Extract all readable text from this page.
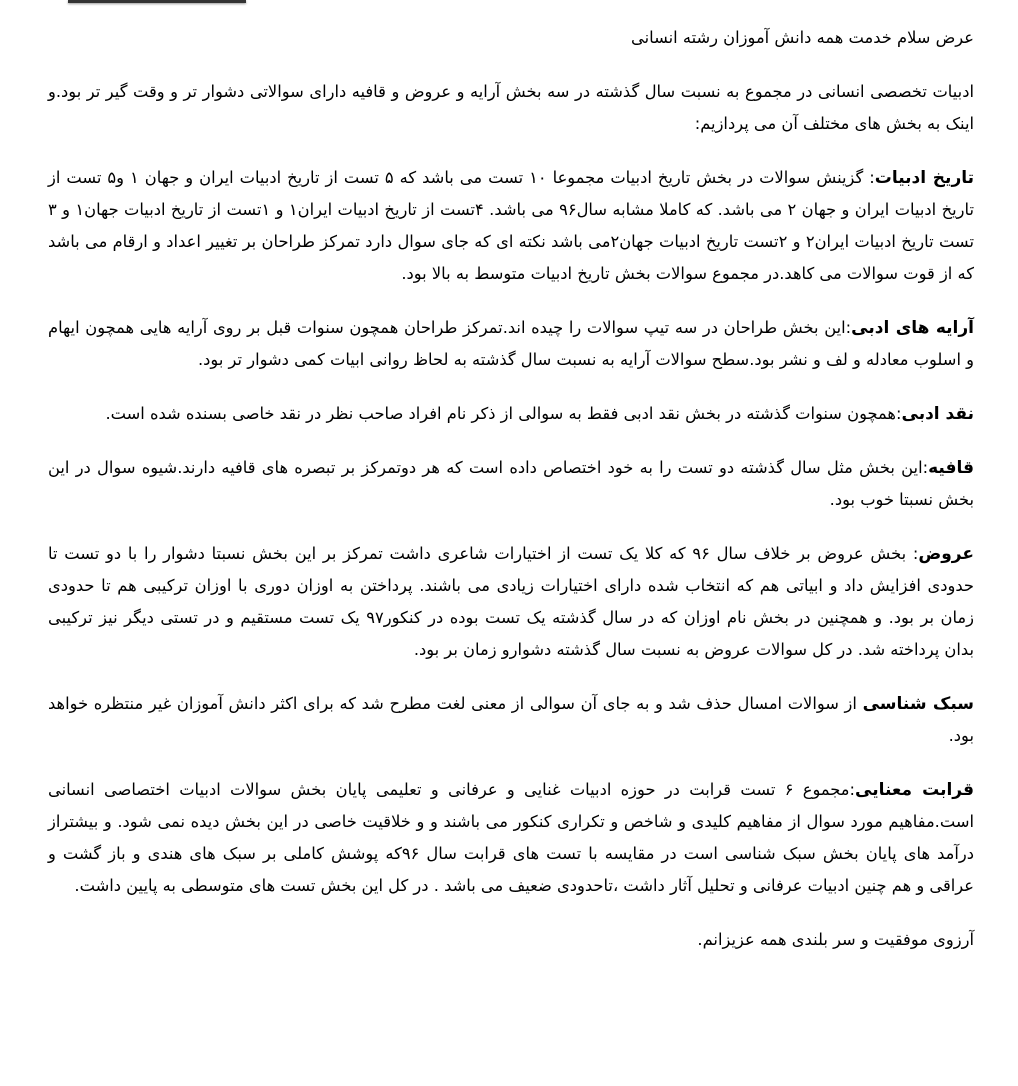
عرض سلام خدمت همه دانش آموزان رشته انسانی

ادبیات تخصصی انسانی در مجموع به نسبت سال گذشته در سه بخش آرایه و عروض و قافیه دارای سوالاتی دشوار تر و وقت گیر تر بود.و اینک به بخش های مختلف آن می پردازیم:

تاریخ ادبیات: گزینش سوالات در بخش تاریخ ادبیات مجموعا ۱۰ تست می باشد که ۵ تست از تاریخ ادبیات ایران و جهان ۱ و۵ تست از تاریخ ادبیات ایران و جهان ۲ می باشد. که کاملا مشابه سال۹۶ می باشد. ۴تست از تاریخ ادبیات ایران۱ و ۱تست از تاریخ ادبیات جهان۱ و ۳ تست تاریخ ادبیات ایران۲ و ۲تست تاریخ ادبیات جهان۲می باشد نکته ای که جای سوال دارد تمرکز طراحان بر تغییر اعداد و ارقام می باشد که از قوت سوالات می کاهد.در مجموع سوالات بخش تاریخ ادبیات متوسط به بالا بود.

آرایه های ادبی:این بخش طراحان در سه تیپ سوالات را چیده اند.تمرکز طراحان همچون سنوات قبل بر روی آرایه هایی همچون ایهام و اسلوب معادله و لف و نشر بود.سطح سوالات آرایه به نسبت سال گذشته به لحاظ روانی ابیات کمی دشوار تر بود.

نقد ادبی:همچون سنوات گذشته در بخش نقد ادبی فقط به سوالی از ذکر نام افراد صاحب نظر در نقد خاصی بسنده شده است.

قافیه:این بخش مثل سال گذشته دو تست را به خود اختصاص داده است که هر دوتمرکز بر تبصره های قافیه دارند.شیوه سوال در این بخش نسبتا خوب بود.

عروض: بخش عروض بر خلاف سال ۹۶ که کلا یک تست از اختیارات شاعری داشت تمرکز بر این بخش نسبتا دشوار را با دو تست تا حدودی افزایش داد و ابیاتی هم که انتخاب شده دارای اختیارات زیادی می باشند. پرداختن به اوزان دوری با اوزان ترکیبی هم تا حدودی زمان بر بود. و همچنین در بخش نام اوزان که در سال گذشته یک تست بوده در کنکور۹۷ یک تست مستقیم و در تستی دیگر نیز ترکیبی بدان پرداخته شد. در کل سوالات عروض به نسبت سال گذشته دشوارو زمان بر بود.

سبک شناسی از سوالات امسال حذف شد و به جای آن سوالی از معنی لغت مطرح شد که برای اکثر دانش آموزان غیر منتظره خواهد بود.

قرابت معنایی:مجموع ۶ تست قرابت در حوزه ادبیات غنایی و عرفانی و تعلیمی پایان بخش سوالات ادبیات اختصاصی انسانی است.مفاهیم مورد سوال از مفاهیم کلیدی و شاخص و تکراری کنکور می باشند و و خلاقیت خاصی در این بخش دیده نمی شود. و بیشتراز درآمد های پایان بخش سبک شناسی است در مقایسه با تست های قرابت سال ۹۶که پوشش کاملی بر سبک های هندی و باز گشت و عراقی و هم چنین ادبیات عرفانی و تحلیل آثار داشت ،تاحدودی ضعیف می باشد . در کل این بخش تست های متوسطی به پایین داشت.

آرزوی موفقیت و سر بلندی همه عزیزانم.
